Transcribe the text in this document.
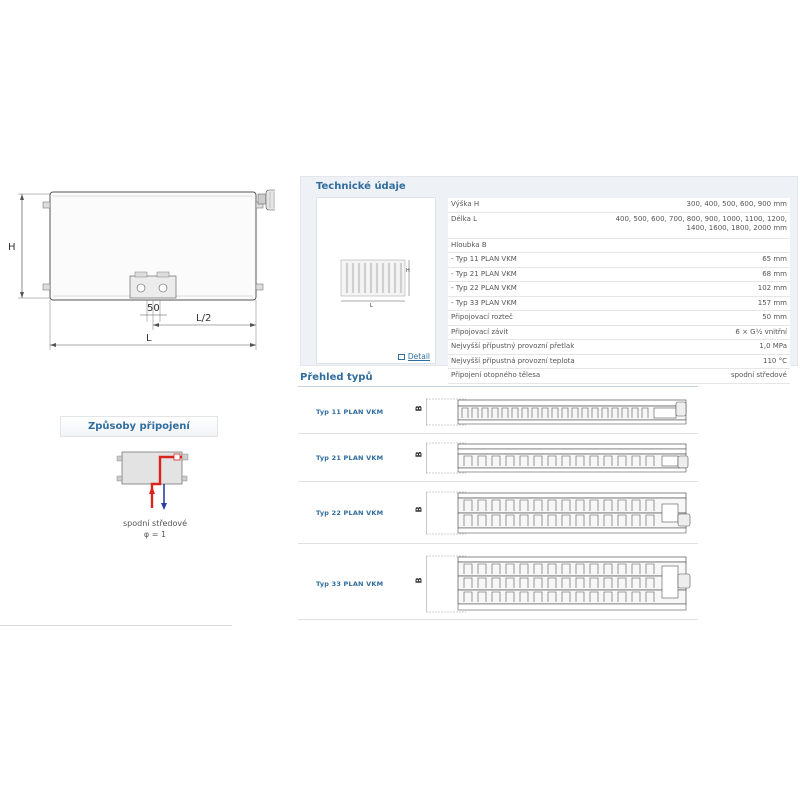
H
50
L/2
L
Způsoby připojení
spodní středové
φ = 1
Technické údaje
H
L
Detail
Výška H	300, 400, 500, 600, 900 mm
Délka L	400, 500, 600, 700, 800, 900, 1000, 1100, 1200, 1400, 1600, 1800, 2000 mm
Hloubka B	
- Typ 11 PLAN VKM	65 mm
- Typ 21 PLAN VKM	68 mm
- Typ 22 PLAN VKM	102 mm
- Typ 33 PLAN VKM	157 mm
Připojovací rozteč	50 mm
Připojovací závit	6 × G½ vnitřní
Nejvyšší přípustný provozní přetlak	1,0 MPa
Nejvyšší přípustná provozní teplota	110 °C
Připojení otopného tělesa	spodní středové
Přehled typů
Typ 11 PLAN VKM	B
Typ 21 PLAN VKM	B
Typ 22 PLAN VKM	B
Typ 33 PLAN VKM	B
